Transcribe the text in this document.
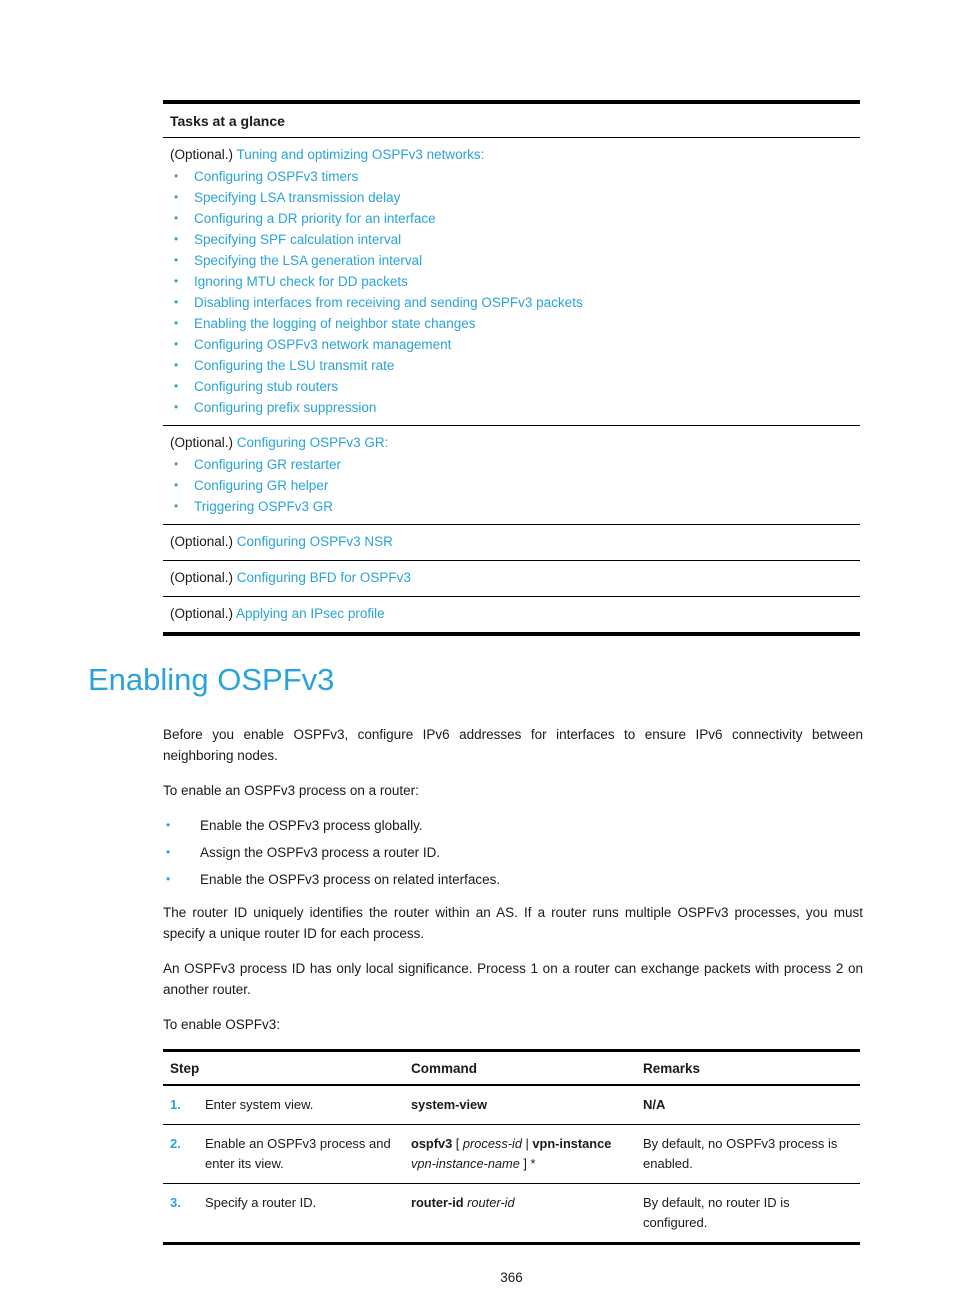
Tasks at a glance
(Optional.) Tuning and optimizing OSPFv3 networks:
•	Configuring OSPFv3 timers
•	Specifying LSA transmission delay
•	Configuring a DR priority for an interface
•	Specifying SPF calculation interval
•	Specifying the LSA generation interval
•	Ignoring MTU check for DD packets
•	Disabling interfaces from receiving and sending OSPFv3 packets
•	Enabling the logging of neighbor state changes
•	Configuring OSPFv3 network management
•	Configuring the LSU transmit rate
•	Configuring stub routers
•	Configuring prefix suppression
(Optional.) Configuring OSPFv3 GR:
•	Configuring GR restarter
•	Configuring GR helper
•	Triggering OSPFv3 GR
(Optional.) Configuring OSPFv3 NSR
(Optional.) Configuring BFD for OSPFv3
(Optional.) Applying an IPsec profile
Enabling OSPFv3

Before you enable OSPFv3, configure IPv6 addresses for interfaces to ensure IPv6 connectivity between neighboring nodes.

To enable an OSPFv3 process on a router:

•	Enable the OSPFv3 process globally.
•	Assign the OSPFv3 process a router ID.
•	Enable the OSPFv3 process on related interfaces.

The router ID uniquely identifies the router within an AS. If a router runs multiple OSPFv3 processes, you must specify a unique router ID for each process.

An OSPFv3 process ID has only local significance. Process 1 on a router can exchange packets with process 2 on another router.

To enable OSPFv3:

Step	Command	Remarks

1. Enter system view.	system-view	N/A

2. Enable an OSPFv3 process and enter its view.	ospfv3 [ process-id | vpn-instance vpn-instance-name ] *	By default, no OSPFv3 process is enabled.

3. Specify a router ID.	router-id router-id	By default, no router ID is configured.
366
